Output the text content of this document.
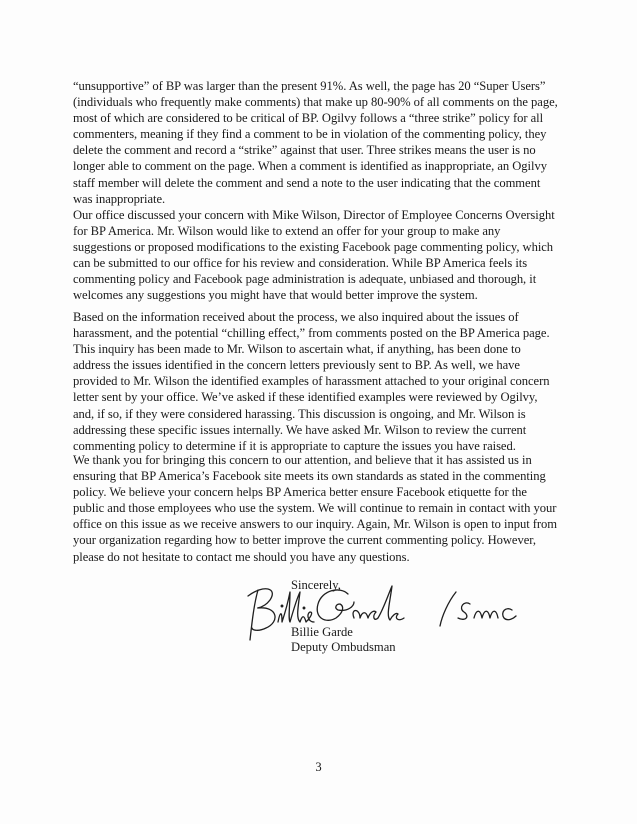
“unsupportive” of BP was larger than the present 91%. As well, the page has 20 “Super Users” (individuals who frequently make comments) that make up 80-90% of all comments on the page, most of which are considered to be critical of BP. Ogilvy follows a “three strike” policy for all commenters, meaning if they find a comment to be in violation of the commenting policy, they delete the comment and record a “strike” against that user. Three strikes means the user is no longer able to comment on the page. When a comment is identified as inappropriate, an Ogilvy staff member will delete the comment and send a note to the user indicating that the comment was inappropriate.

Our office discussed your concern with Mike Wilson, Director of Employee Concerns Oversight for BP America. Mr. Wilson would like to extend an offer for your group to make any suggestions or proposed modifications to the existing Facebook page commenting policy, which can be submitted to our office for his review and consideration. While BP America feels its commenting policy and Facebook page administration is adequate, unbiased and thorough, it welcomes any suggestions you might have that would better improve the system.

Based on the information received about the process, we also inquired about the issues of harassment, and the potential “chilling effect,” from comments posted on the BP America page. This inquiry has been made to Mr. Wilson to ascertain what, if anything, has been done to address the issues identified in the concern letters previously sent to BP. As well, we have provided to Mr. Wilson the identified examples of harassment attached to your original concern letter sent by your office. We’ve asked if these identified examples were reviewed by Ogilvy, and, if so, if they were considered harassing. This discussion is ongoing, and Mr. Wilson is addressing these specific issues internally. We have asked Mr. Wilson to review the current commenting policy to determine if it is appropriate to capture the issues you have raised.

We thank you for bringing this concern to our attention, and believe that it has assisted us in ensuring that BP America’s Facebook site meets its own standards as stated in the commenting policy. We believe your concern helps BP America better ensure Facebook etiquette for the public and those employees who use the system. We will continue to remain in contact with your office on this issue as we receive answers to our inquiry. Again, Mr. Wilson is open to input from your organization regarding how to better improve the current commenting policy. However, please do not hesitate to contact me should you have any questions.

Sincerely,

Billie Garde

Deputy Ombudsman

3
